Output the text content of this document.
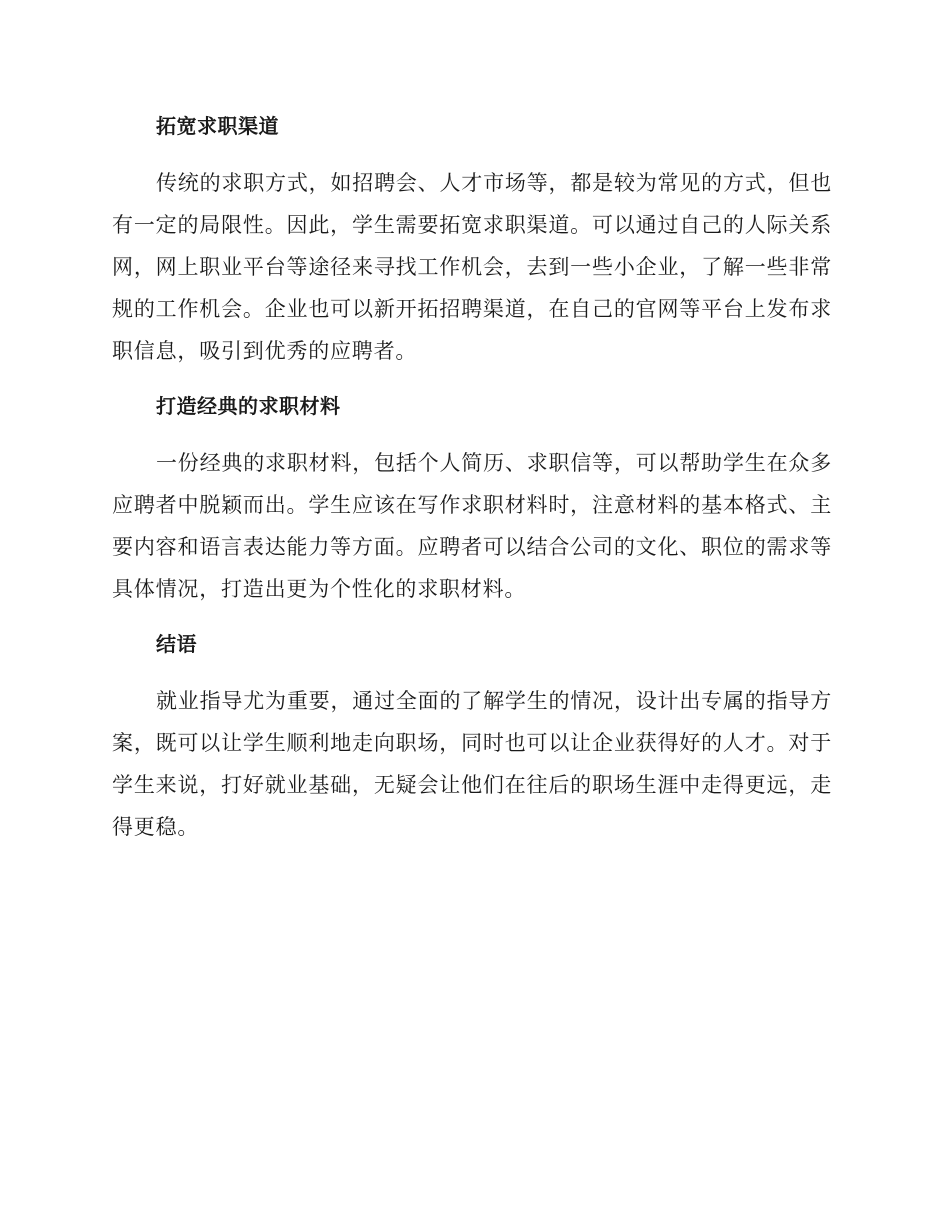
拓宽求职渠道

传统的求职方式，如招聘会、人才市场等，都是较为常见的方式，但也有一定的局限性。因此，学生需要拓宽求职渠道。可以通过自己的人际关系网，网上职业平台等途径来寻找工作机会，去到一些小企业，了解一些非常规的工作机会。企业也可以新开拓招聘渠道，在自己的官网等平台上发布求职信息，吸引到优秀的应聘者。

打造经典的求职材料

一份经典的求职材料，包括个人简历、求职信等，可以帮助学生在众多应聘者中脱颖而出。学生应该在写作求职材料时，注意材料的基本格式、主要内容和语言表达能力等方面。应聘者可以结合公司的文化、职位的需求等具体情况，打造出更为个性化的求职材料。

结语

就业指导尤为重要，通过全面的了解学生的情况，设计出专属的指导方案，既可以让学生顺利地走向职场，同时也可以让企业获得好的人才。对于学生来说，打好就业基础，无疑会让他们在往后的职场生涯中走得更远，走得更稳。
